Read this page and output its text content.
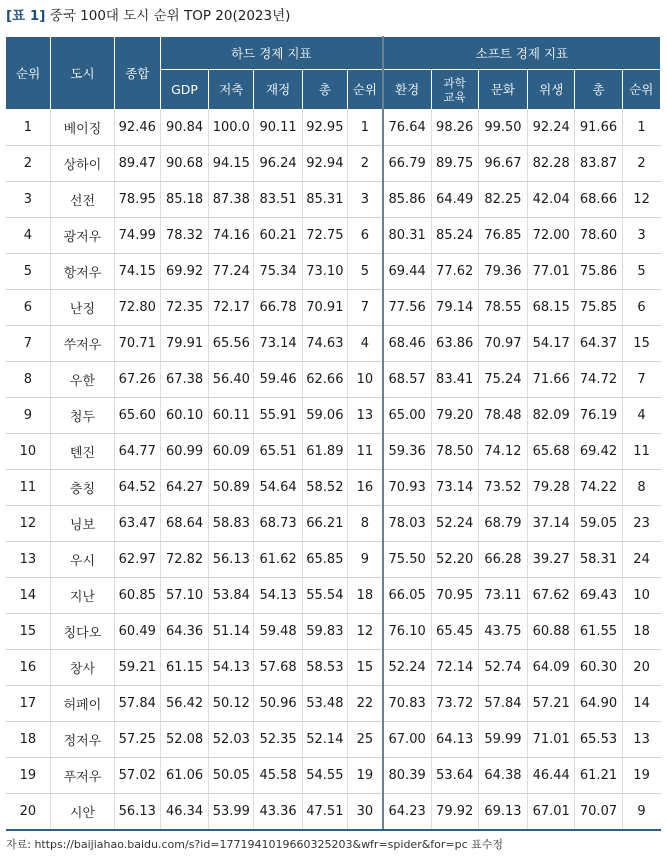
[표 1] 중국 100대 도시 순위 TOP 20(2023년)
순위	도시	종합	하드 경제 지표					소프트 경제 지표					
			GDP	저축	재정	총	순위	환경	과학 교육	문화	위생	총	순위
1	베이징	92.46	90.84	100.0	90.11	92.95	1	76.64	98.26	99.50	92.24	91.66	1
2	상하이	89.47	90.68	94.15	96.24	92.94	2	66.79	89.75	96.67	82.28	83.87	2
3	선전	78.95	85.18	87.38	83.51	85.31	3	85.86	64.49	82.25	42.04	68.66	12
4	광저우	74.99	78.32	74.16	60.21	72.75	6	80.31	85.24	76.85	72.00	78.60	3
5	항저우	74.15	69.92	77.24	75.34	73.10	5	69.44	77.62	79.36	77.01	75.86	5
6	난징	72.80	72.35	72.17	66.78	70.91	7	77.56	79.14	78.55	68.15	75.85	6
7	쑤저우	70.71	79.91	65.56	73.14	74.63	4	68.46	63.86	70.97	54.17	64.37	15
8	우한	67.26	67.38	56.40	59.46	62.66	10	68.57	83.41	75.24	71.66	74.72	7
9	청두	65.60	60.10	60.11	55.91	59.06	13	65.00	79.20	78.48	82.09	76.19	4
10	톈진	64.77	60.99	60.09	65.51	61.89	11	59.36	78.50	74.12	65.68	69.42	11
11	충칭	64.52	64.27	50.89	54.64	58.52	16	70.93	73.14	73.52	79.28	74.22	8
12	닝보	63.47	68.64	58.83	68.73	66.21	8	78.03	52.24	68.79	37.14	59.05	23
13	우시	62.97	72.82	56.13	61.62	65.85	9	75.50	52.20	66.28	39.27	58.31	24
14	지난	60.85	57.10	53.84	54.13	55.54	18	66.05	70.95	73.11	67.62	69.43	10
15	칭다오	60.49	64.36	51.14	59.48	59.83	12	76.10	65.45	43.75	60.88	61.55	18
16	창사	59.21	61.15	54.13	57.68	58.53	15	52.24	72.14	52.74	64.09	60.30	20
17	허페이	57.84	56.42	50.12	50.96	53.48	22	70.83	73.72	57.84	57.21	64.90	14
18	정저우	57.25	52.08	52.03	52.35	52.14	25	67.00	64.13	59.99	71.01	65.53	13
19	푸저우	57.02	61.06	50.05	45.58	54.55	19	80.39	53.64	64.38	46.44	61.21	19
20	시안	56.13	46.34	53.99	43.36	47.51	30	64.23	79.92	69.13	67.01	70.07	9
자료: https://baijiahao.baidu.com/s?id=1771941019660325203&wfr=spider&for=pc 표수정
